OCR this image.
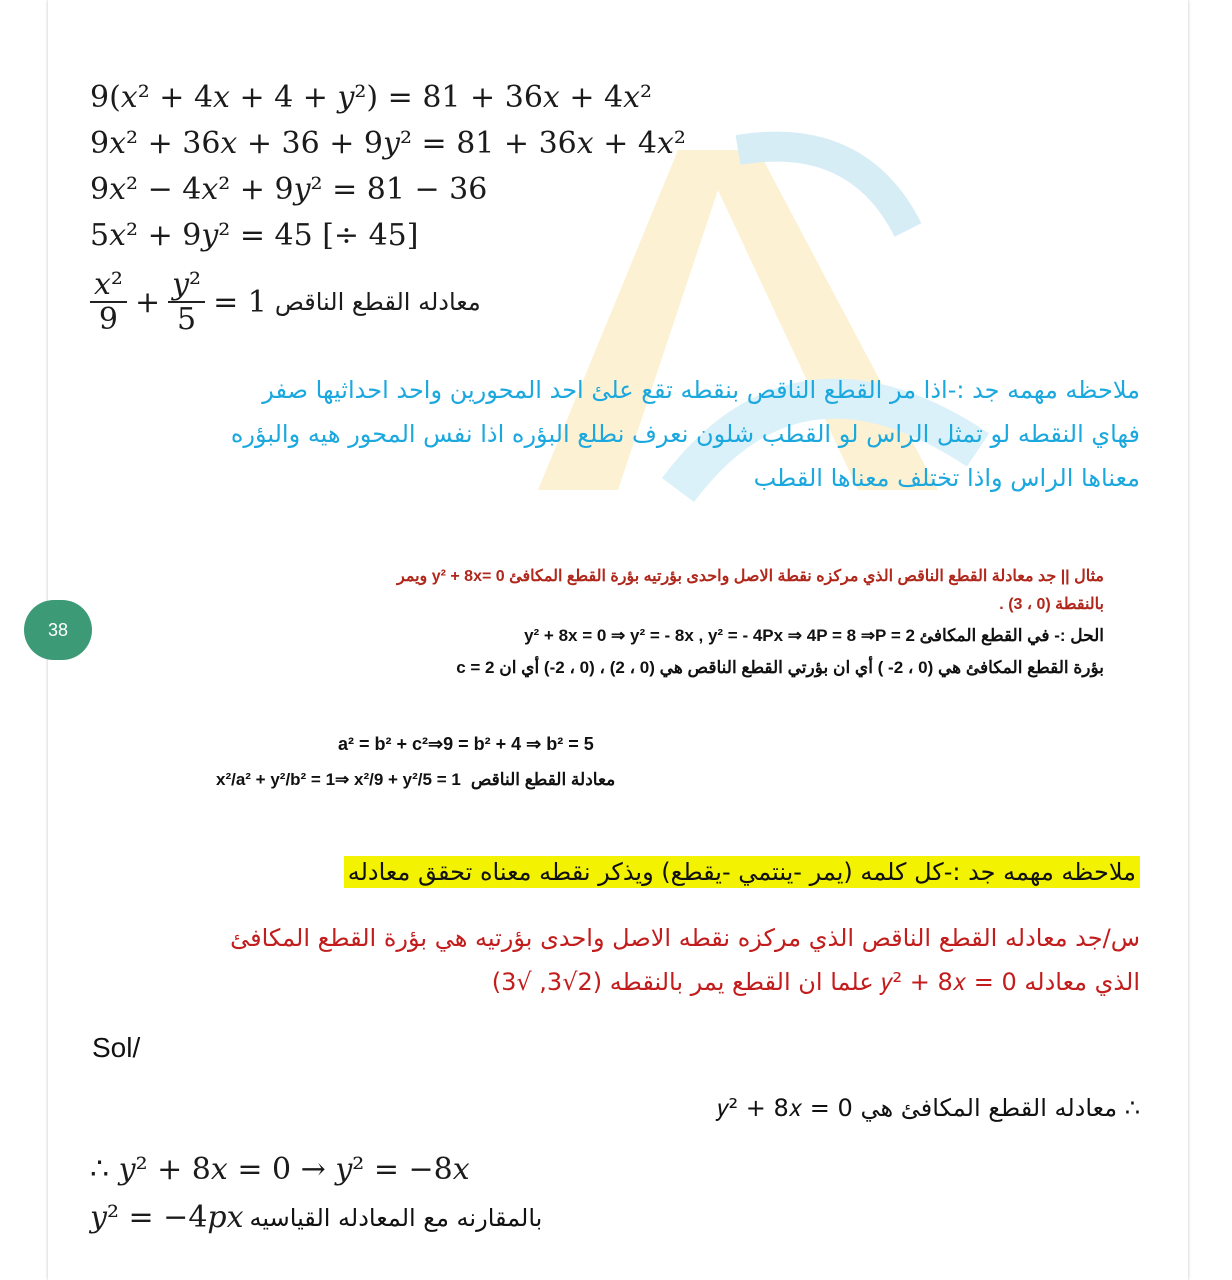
9(𝑥² + 4𝑥 + 4 + 𝑦²) = 81 + 36𝑥 + 4𝑥²
9𝑥² + 36𝑥 + 36 + 9𝑦² = 81 + 36𝑥 + 4𝑥²
9𝑥² − 4𝑥² + 9𝑦² = 81 − 36
5𝑥² + 9𝑦² = 45 [÷ 45]
$\frac{\text{𝑥²}}{9} + \frac{\text{𝑦²}}{5} = 1$ معادله القطع الناقص
ملاحظه مهمه جد :-اذا مر القطع الناقص بنقطه تقع علئ احد المحورين واحد احداثيها صفر
فهاي النقطه لو تمثل الراس لو القطب شلون نعرف نطلع البؤره اذا نفس المحور هيه والبؤره
معناها الراس واذا تختلف معناها القطب
مثال || جد معادلة القطع الناقص الذي مركزه نقطة الاصل واحدى بؤرتيه بؤرة القطع المكافئ y² + 8x= 0 ويمر
بالنقطة (0 ، 3) .
الحل :- في القطع المكافئ y² + 8x = 0 ⇒ y² = - 8x , y² = - 4Px ⇒ 4P = 8 ⇒P = 2
بؤرة القطع المكافئ هي (0 ، 2- ) أي ان بؤرتي القطع الناقص هي (0 ، 2) ، (0 ، 2-) أي ان c = 2
a² = b² + c²⇒9 = b² + 4 ⇒ b² = 5
x²/a² + y²/b² = 1⇒ x²/9 + y²/5 = 1 معادلة القطع الناقص
ملاحظه مهمه جد :-كل كلمه (يمر -ينتمي -يقطع) ويذكر نقطه معناه تحقق معادله
س/جد معادله القطع الناقص الذي مركزه نقطه الاصل واحدى بؤرتيه هي بؤرة القطع المكافئ
الذي معادله 𝑦² + 8𝑥 = 0 علما ان القطع يمر بالنقطه (2√3, √3)
Sol/
∴ معادله القطع المكافئ هي 𝑦² + 8𝑥 = 0
∴ 𝑦² + 8𝑥 = 0 → 𝑦² = −8𝑥
𝑦² = −4𝑝𝑥 بالمقارنه مع المعادله القياسيه
38
